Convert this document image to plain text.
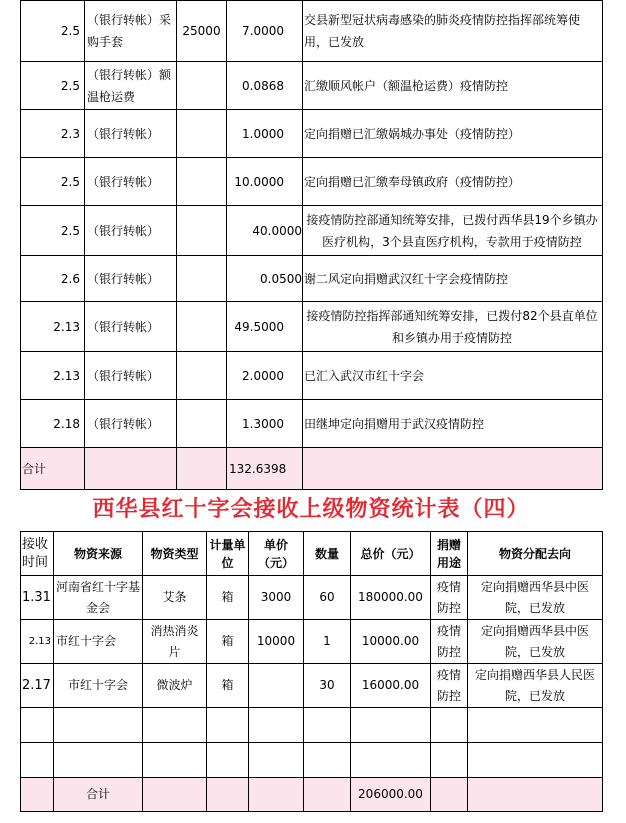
2.5	（银行转帐）采购手套	25000	7.0000	交县新型冠状病毒感染的肺炎疫情防控指挥部统筹使用，已发放
2.5	（银行转帐）额温枪运费		0.0868	汇缴顺风帐户（额温枪运费）疫情防控
2.3	（银行转帐）		1.0000	定向捐赠已汇缴娲城办事处（疫情防控）
2.5	（银行转帐）		10.0000	定向捐赠已汇缴奉母镇政府（疫情防控）
2.5	（银行转帐）		40.0000	接疫情防控部通知统筹安排，已拨付西华县19个乡镇办医疗机构，3个县直医疗机构，专款用于疫情防控
2.6	（银行转帐）		0.0500	谢二风定向捐赠武汉红十字会疫情防控
2.13	（银行转帐）		49.5000	接疫情防控指挥部通知统筹安排，已拨付82个县直单位和乡镇办用于疫情防控
2.13	（银行转帐）		2.0000	已汇入武汉市红十字会
2.18	（银行转帐）		1.3000	田继坤定向捐赠用于武汉疫情防控
合计			132.6398	
西华县红十字会接收上级物资统计表（四）
接收时间	物资来源	物资类型	计量单位	单价（元）	数量	总价（元）	捐赠用途	物资分配去向
1.31	河南省红十字基金会	艾条	箱	3000	60	180000.00	疫情防控	定向捐赠西华县中医院，已发放
2.13	市红十字会	消热消炎片	箱	10000	1	10000.00	疫情防控	定向捐赠西华县中医院，已发放
2.17	市红十字会	微波炉	箱		30	16000.00	疫情防控	定向捐赠西华县人民医院，已发放

	合计					206000.00		
